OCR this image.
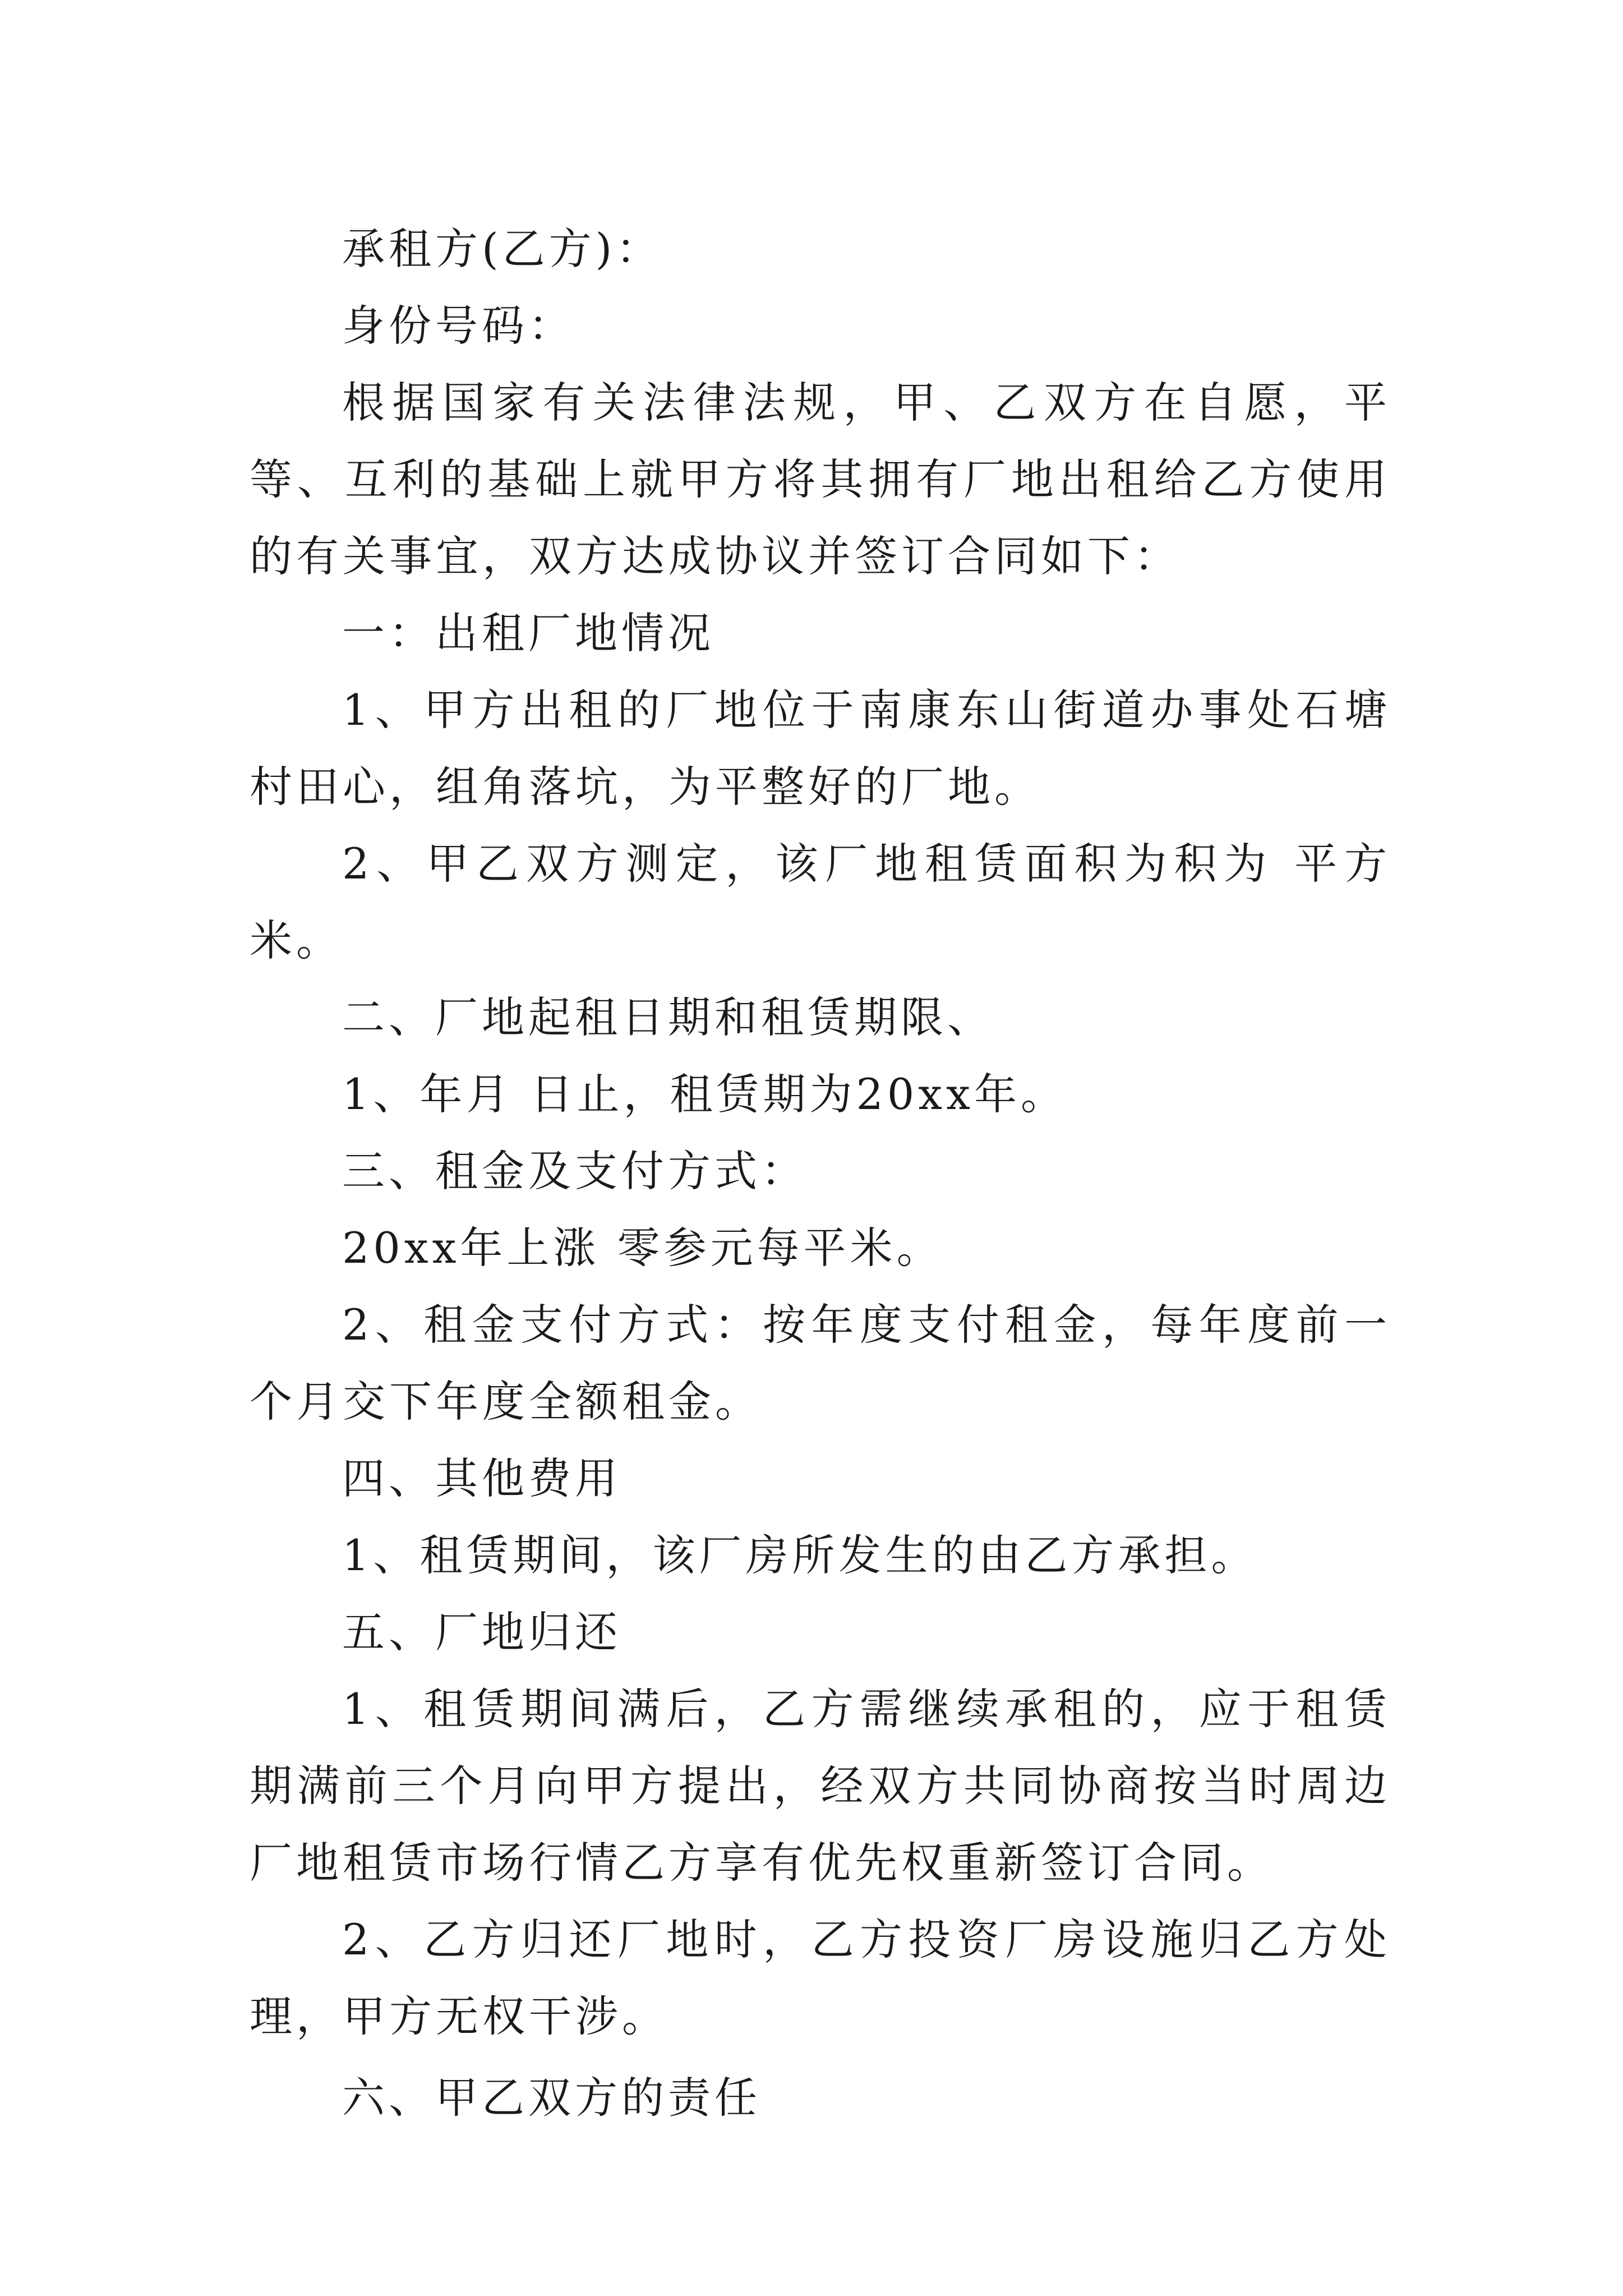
承租方(乙方)：

身份号码：

根据国家有关法律法规，甲、乙双方在自愿，平等、互利的基础上就甲方将其拥有厂地出租给乙方使用的有关事宜，双方达成协议并签订合同如下：

一：出租厂地情况

1、甲方出租的厂地位于南康东山街道办事处石塘村田心，组角落坑，为平整好的厂地。

2、甲乙双方测定，该厂地租赁面积为积为 平方米。

二、厂地起租日期和租赁期限、

1、年月 日止，租赁期为20xx年。

三、租金及支付方式：

20xx年上涨 零参元每平米。

2、租金支付方式：按年度支付租金，每年度前一个月交下年度全额租金。

四、其他费用

1、租赁期间，该厂房所发生的由乙方承担。

五、厂地归还

1、租赁期间满后，乙方需继续承租的，应于租赁期满前三个月向甲方提出，经双方共同协商按当时周边厂地租赁市场行情乙方享有优先权重新签订合同。

2、乙方归还厂地时，乙方投资厂房设施归乙方处理，甲方无权干涉。

六、甲乙双方的责任
